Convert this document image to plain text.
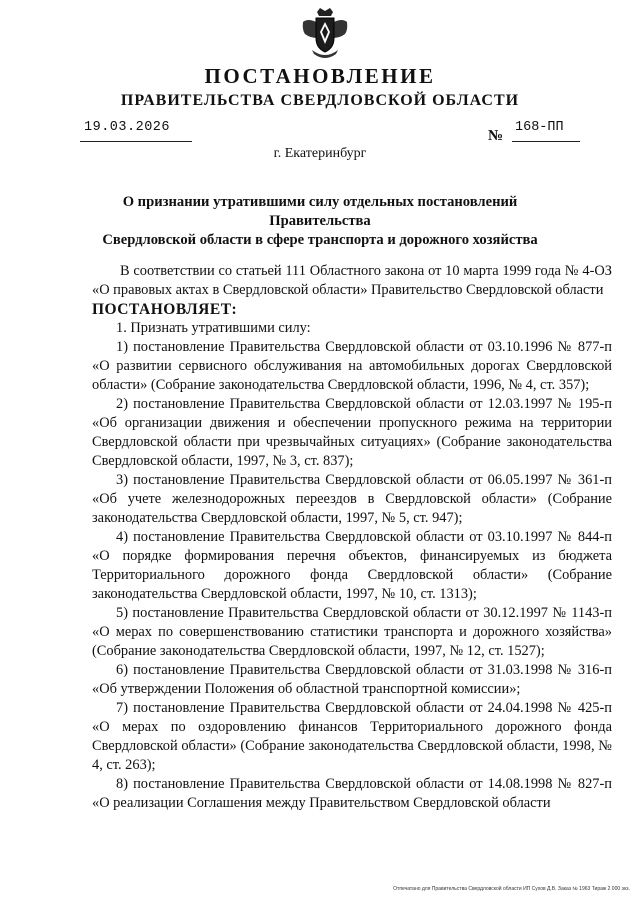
ПОСТАНОВЛЕНИЕ
ПРАВИТЕЛЬСТВА СВЕРДЛОВСКОЙ ОБЛАСТИ
19.03.2026
№
168-ПП
г. Екатеринбург
О признании утратившими силу отдельных постановлений Правительства
Свердловской области в сфере транспорта и дорожного хозяйства

В соответствии со статьей 111 Областного закона от 10 марта 1999 года № 4-ОЗ «О правовых актах в Свердловской области» Правительство Свердловской области

ПОСТАНОВЛЯЕТ:

1. Признать утратившими силу:

1) постановление Правительства Свердловской области от 03.10.1996 № 877-п «О развитии сервисного обслуживания на автомобильных дорогах Свердловской области» (Собрание законодательства Свердловской области, 1996, № 4, ст. 357);

2) постановление Правительства Свердловской области от 12.03.1997 № 195-п «Об организации движения и обеспечении пропускного режима на территории Свердловской области при чрезвычайных ситуациях» (Собрание законодательства Свердловской области, 1997, № 3, ст. 837);

3) постановление Правительства Свердловской области от 06.05.1997 № 361-п «Об учете железнодорожных переездов в Свердловской области» (Собрание законодательства Свердловской области, 1997, № 5, ст. 947);

4) постановление Правительства Свердловской области от 03.10.1997 № 844-п «О порядке формирования перечня объектов, финансируемых из бюджета Территориального дорожного фонда Свердловской области» (Собрание законодательства Свердловской области, 1997, № 10, ст. 1313);

5) постановление Правительства Свердловской области от 30.12.1997 № 1143-п «О мерах по совершенствованию статистики транспорта и дорожного хозяйства» (Собрание законодательства Свердловской области, 1997, № 12, ст. 1527);

6) постановление Правительства Свердловской области от 31.03.1998 № 316-п «Об утверждении Положения об областной транспортной комиссии»;

7) постановление Правительства Свердловской области от 24.04.1998 № 425-п «О мерах по оздоровлению финансов Территориального дорожного фонда Свердловской области» (Собрание законодательства Свердловской области, 1998, № 4, ст. 263);

8) постановление Правительства Свердловской области от 14.08.1998 № 827-п «О реализации Соглашения между Правительством Свердловской области

Отпечатано для Правительства Свердловской области ИП Сухов Д.В. Заказ № 1963 Тираж 2 000 экз.
